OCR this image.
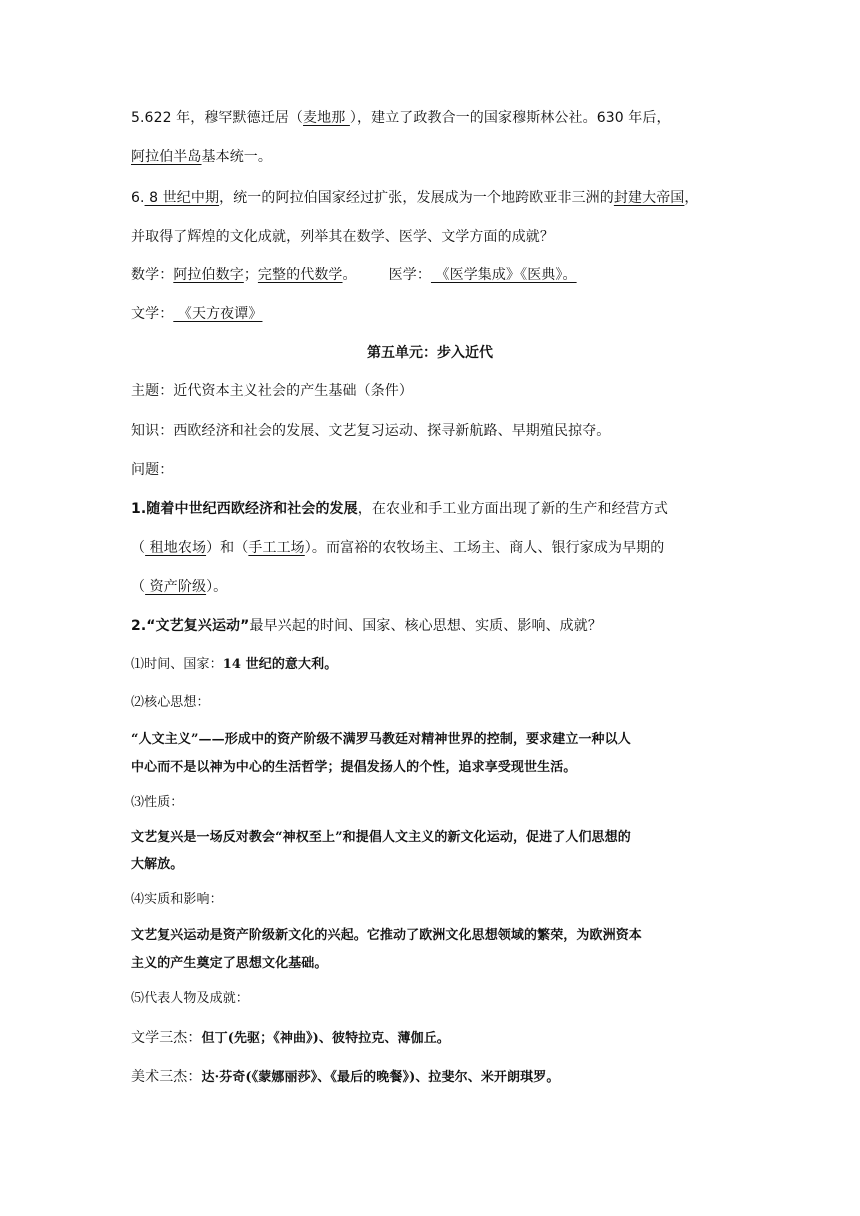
5.622 年，穆罕默德迁居（麦地那 ），建立了政教合一的国家穆斯林公社。630 年后，
阿拉伯半岛基本统一。
6. 8 世纪中期，统一的阿拉伯国家经过扩张，发展成为一个地跨欧亚非三洲的封建大帝国，
并取得了辉煌的文化成就，列举其在数学、医学、文学方面的成就？
数学：阿拉伯数字；完整的代数学。 医学： 《医学集成》《医典》。
文学： 《天方夜谭》
第五单元：步入近代
主题：近代资本主义社会的产生基础（条件）
知识：西欧经济和社会的发展、文艺复习运动、探寻新航路、早期殖民掠夺。
问题：
1.随着中世纪西欧经济和社会的发展，在农业和手工业方面出现了新的生产和经营方式
（ 租地农场）和（手工工场）。而富裕的农牧场主、工场主、商人、银行家成为早期的
（ 资产阶级）。
2.“文艺复兴运动”最早兴起的时间、国家、核心思想、实质、影响、成就？
⑴时间、国家：14 世纪的意大利。
⑵核心思想：
“人文主义”——形成中的资产阶级不满罗马教廷对精神世界的控制，要求建立一种以人
中心而不是以神为中心的生活哲学；提倡发扬人的个性，追求享受现世生活。
⑶性质：
文艺复兴是一场反对教会“神权至上”和提倡人文主义的新文化运动，促进了人们思想的
大解放。
⑷实质和影响：
文艺复兴运动是资产阶级新文化的兴起。它推动了欧洲文化思想领域的繁荣，为欧洲资本
主义的产生奠定了思想文化基础。
⑸代表人物及成就：
文学三杰：但丁(先驱；《神曲》)、彼特拉克、薄伽丘。
美术三杰：达·芬奇(《蒙娜丽莎》、《最后的晚餐》)、拉斐尔、米开朗琪罗。
